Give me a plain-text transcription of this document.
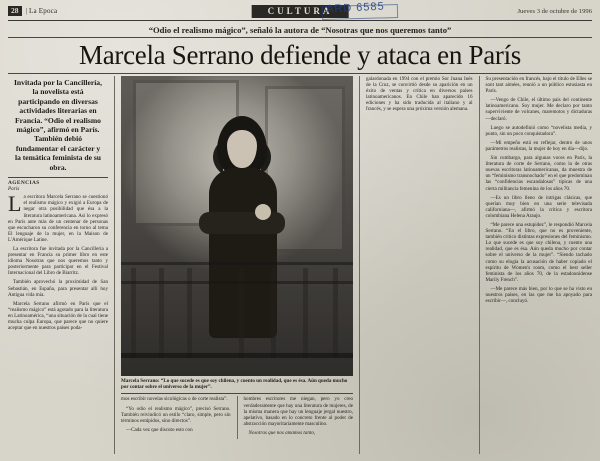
28	| La Epoca	CULTURA	Jueves 3 de octubre de 1996
ARD 6585
“Odio el realismo mágico”, señaló la autora de “Nosotras que nos queremos tanto”
Marcela Serrano defiende y ataca en París
Invitada por la Cancillería, la novelista está participando en diversas actividades literarias en Francia. “Odio el realismo mágico”, afirmó en París. También debió fundamentar el carácter y la temática feminista de su obra.
AGENCIAS
París

La escritora Marcela Serrano se cuestionó el realismo mágico y exigió a Europa de negar otra posibilidad que ésa a la literatura latinoamericana. Así lo expresó en París ante más de un centenar de personas que escucharon su conferencia en torno al tema El lenguaje de la mujer, en la Maison de L'Amérique Latine.

La escritora fue invitada por la Cancillería a presentar en Francia su primer libro en este idioma Nosotras que nos queremos tanto y posteriormente para participar en el Festival Internacional del Libro de Biarritz.

También aprovechó la proximidad de San Sebastián, en España, para presentar allí hoy Antigua vida mía.

Marcela Serrano afirmó en París que el “realismo mágico” está agotado para la literatura en Latinoamérica, “una situación de la cual tiene mucha culpa Europa, que parece que no quiere aceptar que en nuestros países poda-

Marcela Serrano: “Lo que sucede es que soy chilena, y cuento un realidad, que es ésa. Aún queda mucho por contar sobre el universo de la mujer”.

mos escribir novelas sicológicas o de corte realista”.

“Yo odio el realismo mágico”, precisó Serrano. También reivindicó un estilo “claro, simple, pero sin términos estúpidos, sino directos”.

—Cada vez que discuto esto con

hombres escritores me niegan, pero yo creo verdaderamente que hay una literatura de mujeres, de la misma manera que hay un lenguaje jergal nuestro, apelativo, basado en lo concreto frente al poder de abstracción mayoritariamente masculino.

Nosotras que nos amamos tanto,

galardonada en 1994 con el premio Sor Juana Inés de la Cruz, se convirtió desde su aparición en un éxito de ventas y crítica en diversos países latinoamericanos. En Chile han aparecido 16 ediciones y ha sido traducida al italiano y al francés, y se espera una próxima versión alemana.

Su presentación en francés, bajo el título de Elles se sont tant aimées, reunió a un público estusiasta en París.

—Vengo de Chile, el último país del continente latinoamericano. Soy mujer. Me declaro por tanto superviviente de volcanes, maremotos y dictaduras—declaró.

Luego se autodefinió como “novelista media, y punto, sin un poco conquistadora”.

—Mi empeño está en reflejar, dentro de unos parámetros realistas, la mujer de hoy en día—dijo.

Sin cumbargo, para algunas voces en París, la literatura de corte de Serrano, como la de otras nuevas escritoras latinoamericanas, da muestra de un “feminismo transnochado” en el que predominan las “confidencias escandalosas” típicas de una cierta militancia femenina de los años 70.

—Es un libro lleno de intrigas clásicas, que querían muy bien en una serie televisada californiana—, afirmó la crítica y escritora colombiana Helena Araujo.

“Me parece una estupidez”, le respondió Marcela Serrano. “En el libro, que no es proveniente, también critico distintas expresiones del feminismo. Lo que sucede es que soy chilena, y cuento una realidad, que es ésa. Aún queda mucho por contar sobre el universo de la mujer”. “Siendo tachado como su elogia la acusación de haber copiado el espíritu de Women's room, como el best seller feminista de los años 70, de la estadounidense Marily French”.

—Me parece más bien, por lo que se ha visto en nuestros países, en las que me ha apoyado para escribir—, concluyó.
